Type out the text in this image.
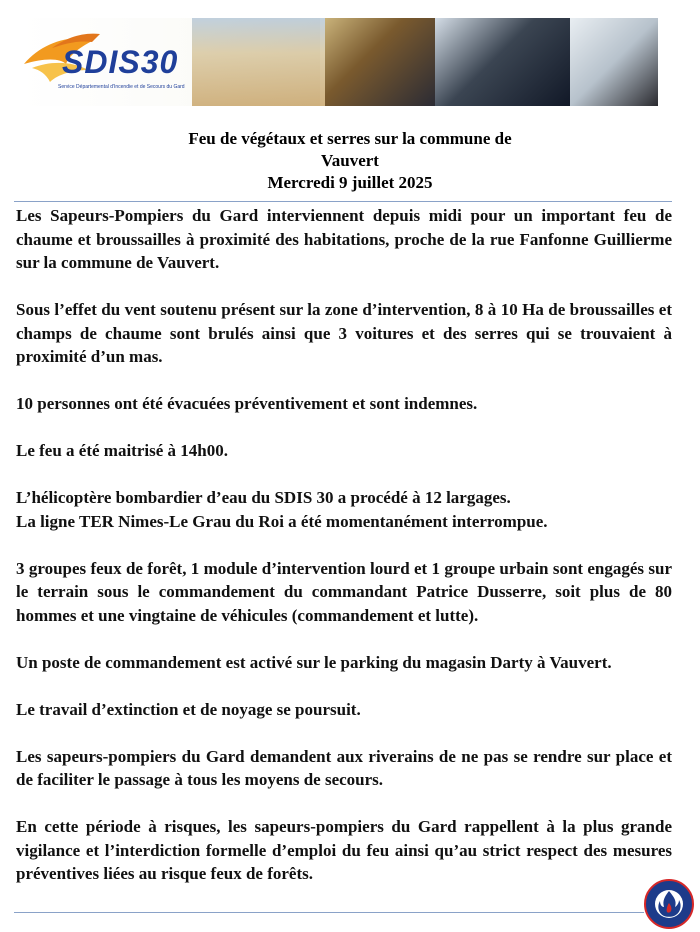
SDIS30
Service Départemental d'Incendie et de Secours du Gard
Feu de végétaux et serres sur la commune de
Vauvert
Mercredi 9 juillet 2025

Les Sapeurs-Pompiers du Gard interviennent depuis midi pour un important feu de chaume et broussailles à proximité des habitations, proche de la rue Fanfonne Guillierme sur la commune de Vauvert.

Sous l’effet du vent soutenu présent sur la zone d’intervention, 8 à 10 Ha de broussailles et champs de chaume sont brulés ainsi que 3 voitures et des serres qui se trouvaient à proximité d’un mas.

10 personnes ont été évacuées préventivement et sont indemnes.

Le feu a été maitrisé à 14h00.

L’hélicoptère bombardier d’eau du SDIS 30 a procédé à 12 largages.
La ligne TER Nimes-Le Grau du Roi a été momentanément interrompue.

3 groupes feux de forêt, 1 module d’intervention lourd et 1 groupe urbain sont engagés sur le terrain sous le commandement du commandant Patrice Dusserre, soit plus de 80 hommes et une vingtaine de véhicules (commandement et lutte).

Un poste de commandement est activé sur le parking du magasin Darty à Vauvert.

Le travail d’extinction et de noyage se poursuit.

Les sapeurs-pompiers du Gard demandent aux riverains de ne pas se rendre sur place et de faciliter le passage à tous les moyens de secours.

En cette période à risques, les sapeurs-pompiers du Gard rappellent à la plus grande vigilance et l’interdiction formelle d’emploi du feu ainsi qu’au strict respect des mesures préventives liées au risque feux de forêts.
